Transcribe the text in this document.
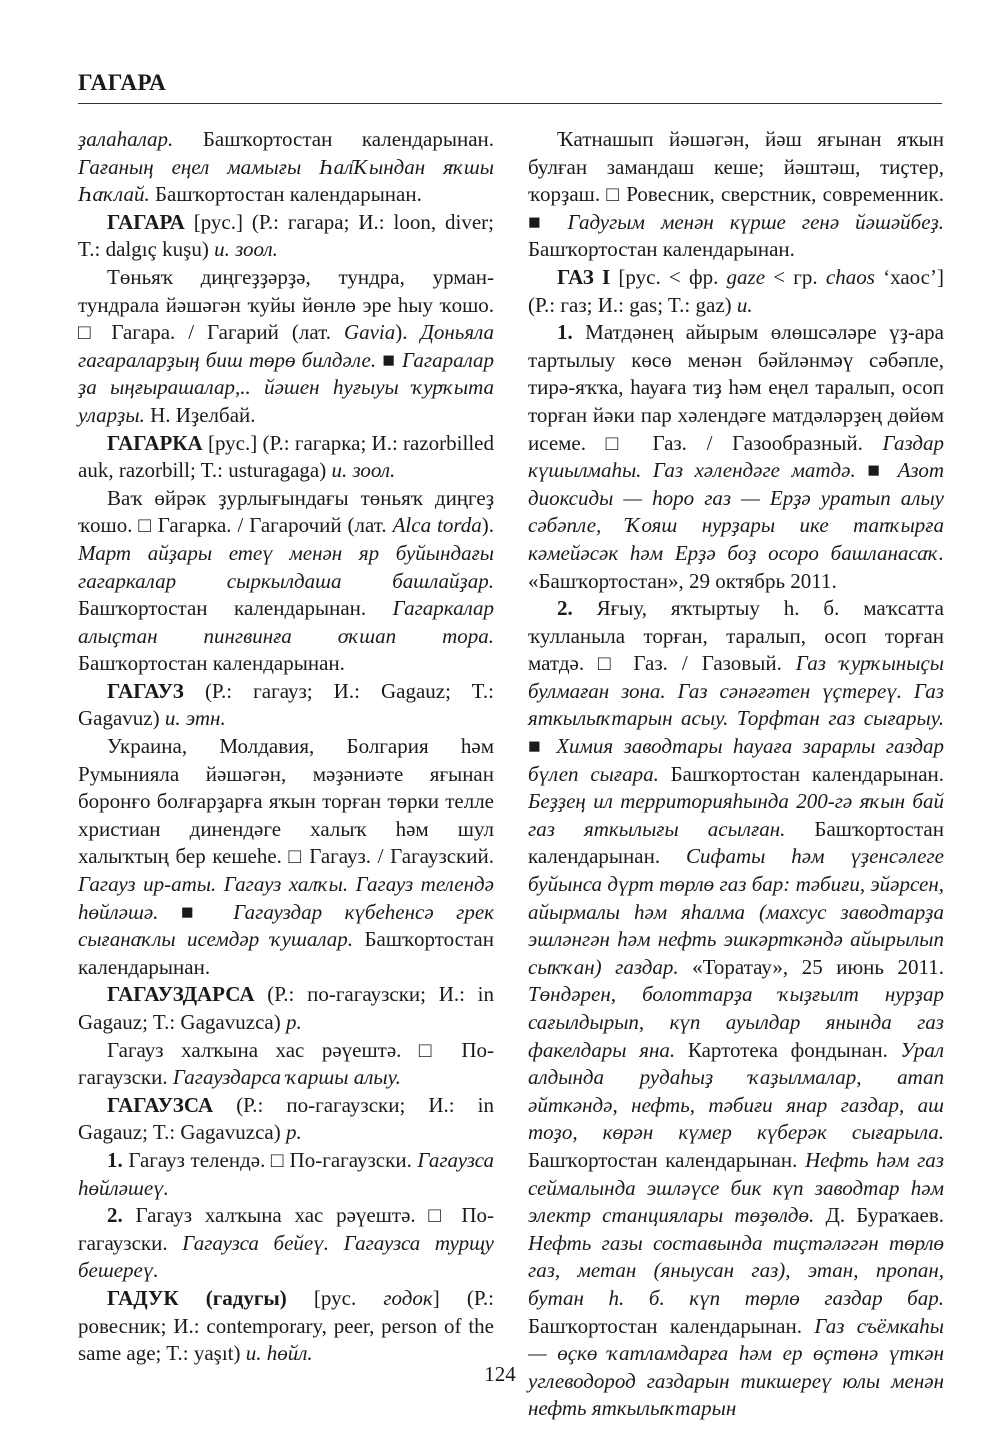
ГАГАРА

ҙалаһалар. Башҡортостан календарынан. Гағаның еңел мамығы ҺалҠындан яҡшы Һаҡлай. Башҡортостан календарынан.

ГАГАРА [рус.] (Р.: гагара; И.: loon, diver; T.: dalgıç kuşu) и. зоол.

Төньяҡ диңгеҙҙәрҙә, тундра, урман-тундрала йәшәгән ҡуйы йөнлө эре һыу ҡошо. □ Гагара. / Гагарий (лат. Gavia). Доньяла гагараларҙың биш төрө билдәле. ■ Гагаралар ҙа ыңғырашалар,.. йәшен һуғыуы ҡурҡыта уларҙы. Н. Иҙелбай.

ГАГАРКА [рус.] (Р.: гагарка; И.: razorbilled auk, razorbill; T.: usturagaga) и. зоол.

Ваҡ өйрәк ҙурлығындағы төньяҡ диңгеҙ ҡошо. □ Гагарка. / Гагарочий (лат. Alca torda). Март айҙары етеү менән яр буйындағы гагаркалар сыркылдаша башлайҙар. Башҡортостан календарынан. Гагаркалар алыҫтан пингвинға оҡшап тора. Башҡортостан календарынан.

ГАГАУЗ (Р.: гагауз; И.: Gagauz; T.: Gagavuz) и. этн.

Украина, Молдавия, Болгария һәм Румынияла йәшәгән, мәҙәниәте яғынан боронғо болғарҙарға яҡын торған төрки телле христиан динендәге халыҡ һәм шул халыҡтың бер кешеһе. □ Гагауз. / Гагаузский. Гагауз ир-аты. Гагауз халҡы. Гагауз телендә һөйләшә. ■ Гагауздар күбеһенсә грек сығанаҡлы исемдәр ҡушалар. Башҡортостан календарынан.

ГАГАУЗДАРСА (Р.: по-гагаузски; И.: in Gagauz; T.: Gagavuzca) р.

Гагауз халҡына хас рәүештә. □ По-гагаузски. Гагауздарса ҡаршы алыу.

ГАГАУЗСА (Р.: по-гагаузски; И.: in Gagauz; T.: Gagavuzca) р.

1. Гагауз телендә. □ По-гагаузски. Гагаузса һөйләшеү.

2. Гагауз халҡына хас рәүештә. □ По-гагаузски. Гагаузса бейеү. Гагаузса турщу бешереү.

ГАДУК (гадугы) [рус. годок] (Р.: ровесник; И.: contemporary, peer, person of the same age; T.: yaşıt) и. һөйл.

Ҡатнашып йәшәгән, йәш яғынан яҡын булған замандаш кеше; йәштәш, тиҫтер, ҡорҙаш. □ Ровесник, сверстник, современник. ■ Гадугым менән күрше генә йәшәйбеҙ. Башҡортостан календарынан.

ГАЗ I [рус. < фр. gaze < гр. chaos ‘хаос’] (Р.: газ; И.: gas; T.: gaz) и.

1. Матдәнең айырым өлөшсәләре үҙ-ара тартылыу көсө менән бәйләнмәү сәбәпле, тирә-яҡҡа, һауаға тиҙ һәм еңел таралып, осоп торған йәки пар хәлендәге матдәләрҙең дөйөм исеме. □ Газ. / Газообразный. Газдар күшылмаһы. Газ хәлендәге матдә. ■ Азот диоксиды — һоро газ — Ерҙә уратып алыу сәбәпле, Ҡояш нурҙары ике тапҡырға кәмейәсәк һәм Ерҙә боҙ осоро башланасаҡ. «Башҡортостан», 29 октябрь 2011.

2. Яғыу, яҡтыртыу һ. б. маҡсатта ҡулланыла торған, таралып, осоп торған матдә. □ Газ. / Газовый. Газ ҡурҡыныҫы булмаған зона. Газ сәнәғәтен үҫтереү. Газ яткылыҡтарын асыу. Торфтан газ сығарыу. ■ Химия заводтары һауаға зарарлы газдар бүлеп сығара. Башҡортостан календарынан. Беҙҙең ил территорияһында 200-гә яҡын бай газ яткылығы асылған. Башҡортостан календарынан. Сифаты һәм үҙенсәлеге буйынса дүрт төрлө газ бар: тәбиғи, эйәрсен, айырмалы һәм яһалма (махсус заводтарҙа эшләнгән һәм нефть эшкәрткәндә айырылып сыҡҡан) газдар. «Торатау», 25 июнь 2011. Төндәрен, болоттарҙа ҡыҙғылт нурҙар сағылдырып, күп ауылдар янында газ факелдары яна. Картотека фондынан. Урал алдында рудаһыҙ ҡаҙылмалар, атап әйткәндә, нефть, тәбиғи янар газдар, аш тоҙо, көрән күмер күберәк сығарыла. Башҡортостан календарынан. Нефть һәм газ сеймалында эшләүсе бик күп заводтар һәм электр станциялары төҙөлдө. Д. Бураҡаев. Нефть газы составында тиҫтәләгән төрлө газ, метан (яныусан газ), этан, пропан, бутан һ. б. күп төрлө газдар бар. Башҡортостан календарынан. Газ съёмкаһы — өҫкө ҡатламдарға һәм ер өҫтөнә үткән углеводород газдарын тикшереү юлы менән нефть яткылыҡтарын

124
